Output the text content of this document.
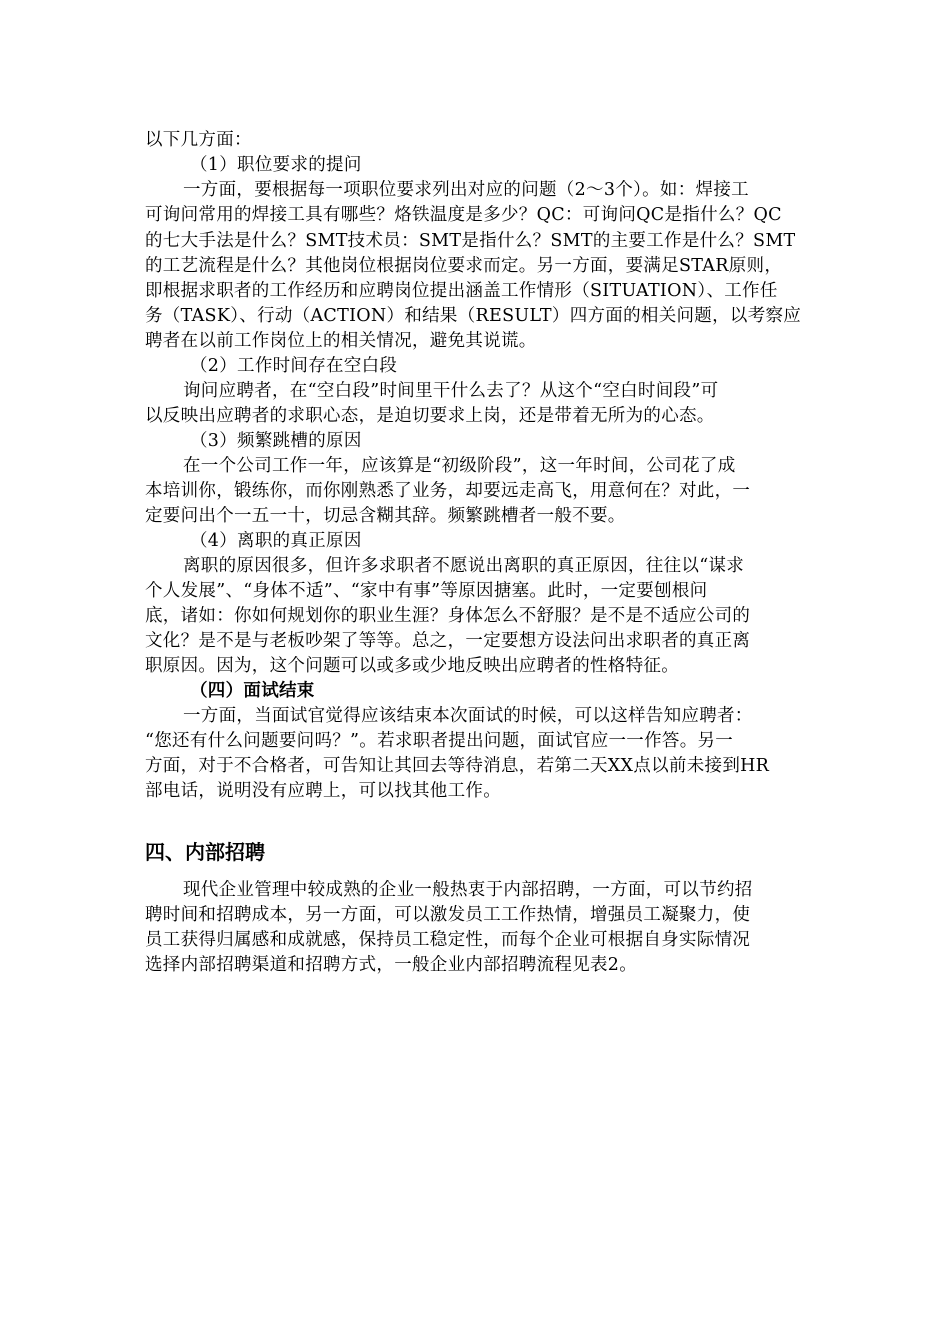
以下几方面：
（1）职位要求的提问
一方面，要根据每一项职位要求列出对应的问题（2～3个）。如：焊接工
可询问常用的焊接工具有哪些？烙铁温度是多少？QC：可询问QC是指什么？QC
的七大手法是什么？SMT技术员：SMT是指什么？SMT的主要工作是什么？SMT
的工艺流程是什么？其他岗位根据岗位要求而定。另一方面，要满足STAR原则，
即根据求职者的工作经历和应聘岗位提出涵盖工作情形（SITUATION）、工作任
务（TASK）、行动（ACTION）和结果（RESULT）四方面的相关问题，以考察应
聘者在以前工作岗位上的相关情况，避免其说谎。
（2）工作时间存在空白段
询问应聘者，在“空白段”时间里干什么去了？从这个“空白时间段”可
以反映出应聘者的求职心态，是迫切要求上岗，还是带着无所为的心态。
（3）频繁跳槽的原因
在一个公司工作一年，应该算是“初级阶段”，这一年时间，公司花了成
本培训你，锻练你，而你刚熟悉了业务，却要远走高飞，用意何在？对此，一
定要问出个一五一十，切忌含糊其辞。频繁跳槽者一般不要。
（4）离职的真正原因
离职的原因很多，但许多求职者不愿说出离职的真正原因，往往以“谋求
个人发展”、“身体不适”、“家中有事”等原因搪塞。此时，一定要刨根问
底，诸如：你如何规划你的职业生涯？身体怎么不舒服？是不是不适应公司的
文化？是不是与老板吵架了等等。总之，一定要想方设法问出求职者的真正离
职原因。因为，这个问题可以或多或少地反映出应聘者的性格特征。
（四）面试结束
一方面，当面试官觉得应该结束本次面试的时候，可以这样告知应聘者：
“您还有什么问题要问吗？”。若求职者提出问题，面试官应一一作答。另一
方面，对于不合格者，可告知让其回去等待消息，若第二天XX点以前未接到HR
部电话，说明没有应聘上，可以找其他工作。
四、内部招聘
现代企业管理中较成熟的企业一般热衷于内部招聘，一方面，可以节约招
聘时间和招聘成本，另一方面，可以激发员工工作热情，增强员工凝聚力，使
员工获得归属感和成就感，保持员工稳定性，而每个企业可根据自身实际情况
选择内部招聘渠道和招聘方式，一般企业内部招聘流程见表2。
